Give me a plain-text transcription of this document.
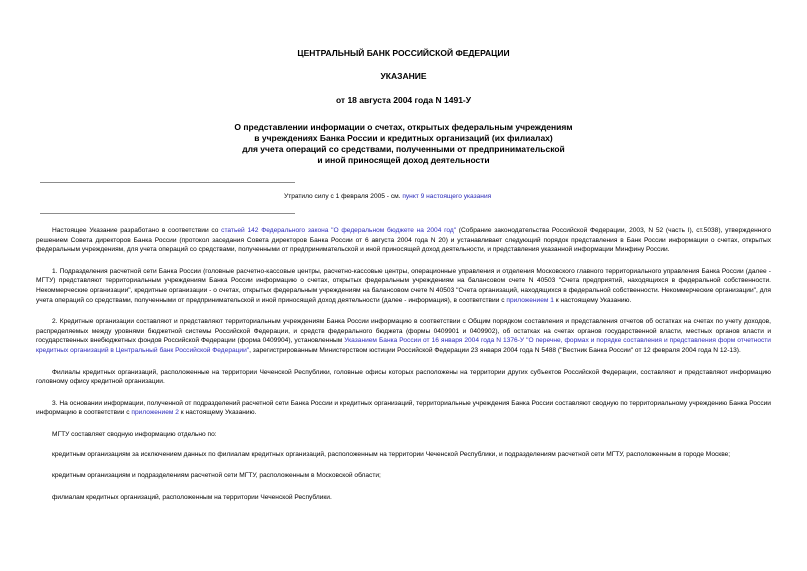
ЦЕНТРАЛЬНЫЙ БАНК РОССИЙСКОЙ ФЕДЕРАЦИИ
УКАЗАНИЕ
от 18 августа 2004 года N 1491-У
О представлении информации о счетах, открытых федеральным учреждениям
в учреждениях Банка России и кредитных организаций (их филиалах)
для учета операций со средствами, полученными от предпринимательской
и иной приносящей доход деятельности
Утратило силу с 1 февраля 2005 - см. пункт 9 настоящего указания

Настоящее Указание разработано в соответствии со статьей 142 Федерального закона "О федеральном бюджете на 2004 год" (Собрание законодательства Российской Федерации, 2003, N 52 (часть I), ст.5038), утвержденного решением Совета директоров Банка России (протокол заседания Совета директоров Банка России от 6 августа 2004 года N 20) и устанавливает следующий порядок представления в Банк России информации о счетах, открытых федеральным учреждениям, для учета операций со средствами, полученными от предпринимательской и иной приносящей доход деятельности, и представления указанной информации Минфину России.

1. Подразделения расчетной сети Банка России (головные расчетно-кассовые центры, расчетно-кассовые центры, операционные управления и отделения Московского главного территориального управления Банка России (далее - МГТУ) представляют территориальным учреждениям Банка России информацию о счетах, открытых федеральным учреждениям на балансовом счете N 40503 "Счета предприятий, находящихся в федеральной собственности. Некоммерческие организации", кредитные организации - о счетах, открытых федеральным учреждениям на балансовом счете N 40503 "Счета организаций, находящихся в федеральной собственности. Некоммерческие организации", для учета операций со средствами, полученными от предпринимательской и иной приносящей доход деятельности (далее - информация), в соответствии с приложением 1 к настоящему Указанию.

2. Кредитные организации составляют и представляют территориальным учреждениям Банка России информацию в соответствии с Общим порядком составления и представления отчетов об остатках на счетах по учету доходов, распределяемых между уровнями бюджетной системы Российской Федерации, и средств федерального бюджета (формы 0409901 и 0409902), об остатках на счетах органов государственной власти, местных органов власти и государственных внебюджетных фондов Российской Федерации (форма 0409904), установленным Указанием Банка России от 16 января 2004 года N 1376-У "О перечне, формах и порядке составления и представления форм отчетности кредитных организаций в Центральный банк Российской Федерации", зарегистрированным Министерством юстиции Российской Федерации 23 января 2004 года N 5488 ("Вестник Банка России" от 12 февраля 2004 года N 12-13).

Филиалы кредитных организаций, расположенные на территории Чеченской Республики, головные офисы которых расположены на территории других субъектов Российской Федерации, составляют и представляют информацию головному офису кредитной организации.

3. На основании информации, полученной от подразделений расчетной сети Банка России и кредитных организаций, территориальные учреждения Банка России составляют сводную по территориальному учреждению Банка России информацию в соответствии с приложением 2 к настоящему Указанию.

МГТУ составляет сводную информацию отдельно по:

кредитным организациям за исключением данных по филиалам кредитных организаций, расположенным на территории Чеченской Республики, и подразделениям расчетной сети МГТУ, расположенным в городе Москве;

кредитным организациям и подразделениям расчетной сети МГТУ, расположенным в Московской области;

филиалам кредитных организаций, расположенным на территории Чеченской Республики.
